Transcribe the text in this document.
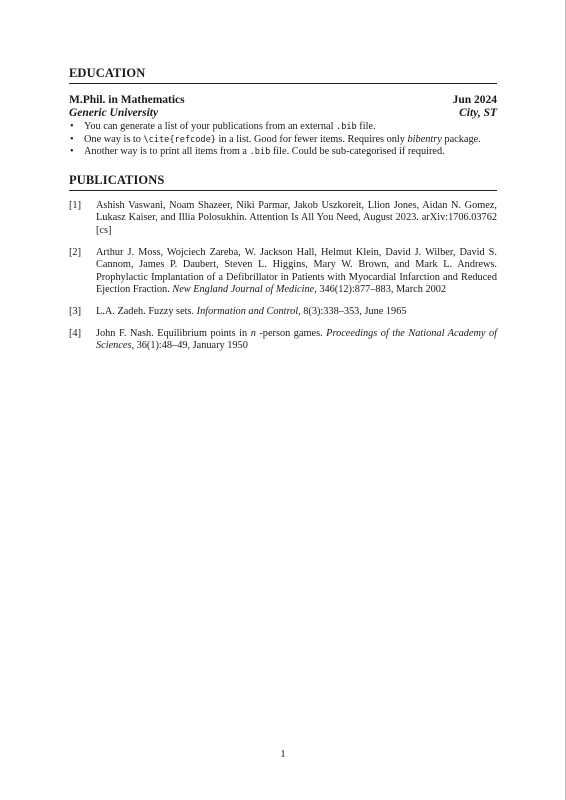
EDUCATION
M.Phil. in Mathematics	Jun 2024
Generic University	City, ST
• You can generate a list of your publications from an external .bib file.
• One way is to \cite{refcode} in a list. Good for fewer items. Requires only bibentry package.
• Another way is to print all items from a .bib file. Could be sub-categorised if required.
PUBLICATIONS
[1] Ashish Vaswani, Noam Shazeer, Niki Parmar, Jakob Uszkoreit, Llion Jones, Aidan N. Gomez, Lukasz Kaiser, and Illia Polosukhin. Attention Is All You Need, August 2023. arXiv:1706.03762 [cs]
[2] Arthur J. Moss, Wojciech Zareba, W. Jackson Hall, Helmut Klein, David J. Wilber, David S. Cannom, James P. Daubert, Steven L. Higgins, Mary W. Brown, and Mark L. Andrews. Prophylactic Implantation of a Defibrillator in Patients with Myocardial Infarction and Reduced Ejection Fraction. New England Journal of Medicine, 346(12):877–883, March 2002
[3] L.A. Zadeh. Fuzzy sets. Information and Control, 8(3):338–353, June 1965
[4] John F. Nash. Equilibrium points in n -person games. Proceedings of the National Academy of Sciences, 36(1):48–49, January 1950
1
